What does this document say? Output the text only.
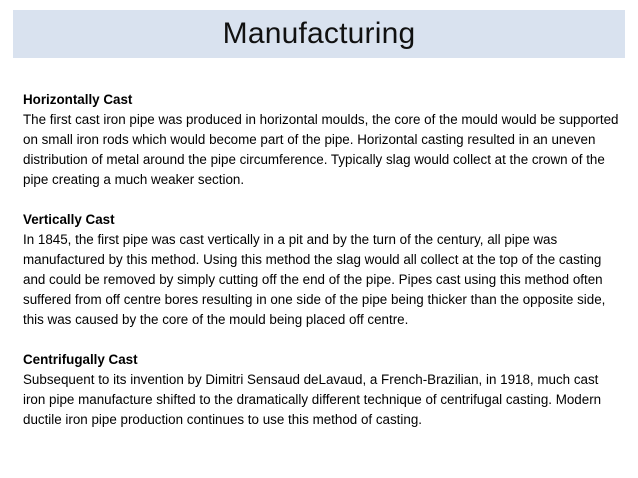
Manufacturing
Horizontally Cast

The first cast iron pipe was produced in horizontal moulds, the core of the mould would be supported on small iron rods which would become part of the pipe. Horizontal casting resulted in an uneven distribution of metal around the pipe circumference. Typically slag would collect at the crown of the pipe creating a much weaker section.

Vertically Cast

In 1845, the first pipe was cast vertically in a pit and by the turn of the century, all pipe was manufactured by this method. Using this method the slag would all collect at the top of the casting and could be removed by simply cutting off the end of the pipe. Pipes cast using this method often suffered from off centre bores resulting in one side of the pipe being thicker than the opposite side, this was caused by the core of the mould being placed off centre.

Centrifugally Cast

Subsequent to its invention by Dimitri Sensaud deLavaud, a French-Brazilian, in 1918, much cast iron pipe manufacture shifted to the dramatically different technique of centrifugal casting. Modern ductile iron pipe production continues to use this method of casting.
